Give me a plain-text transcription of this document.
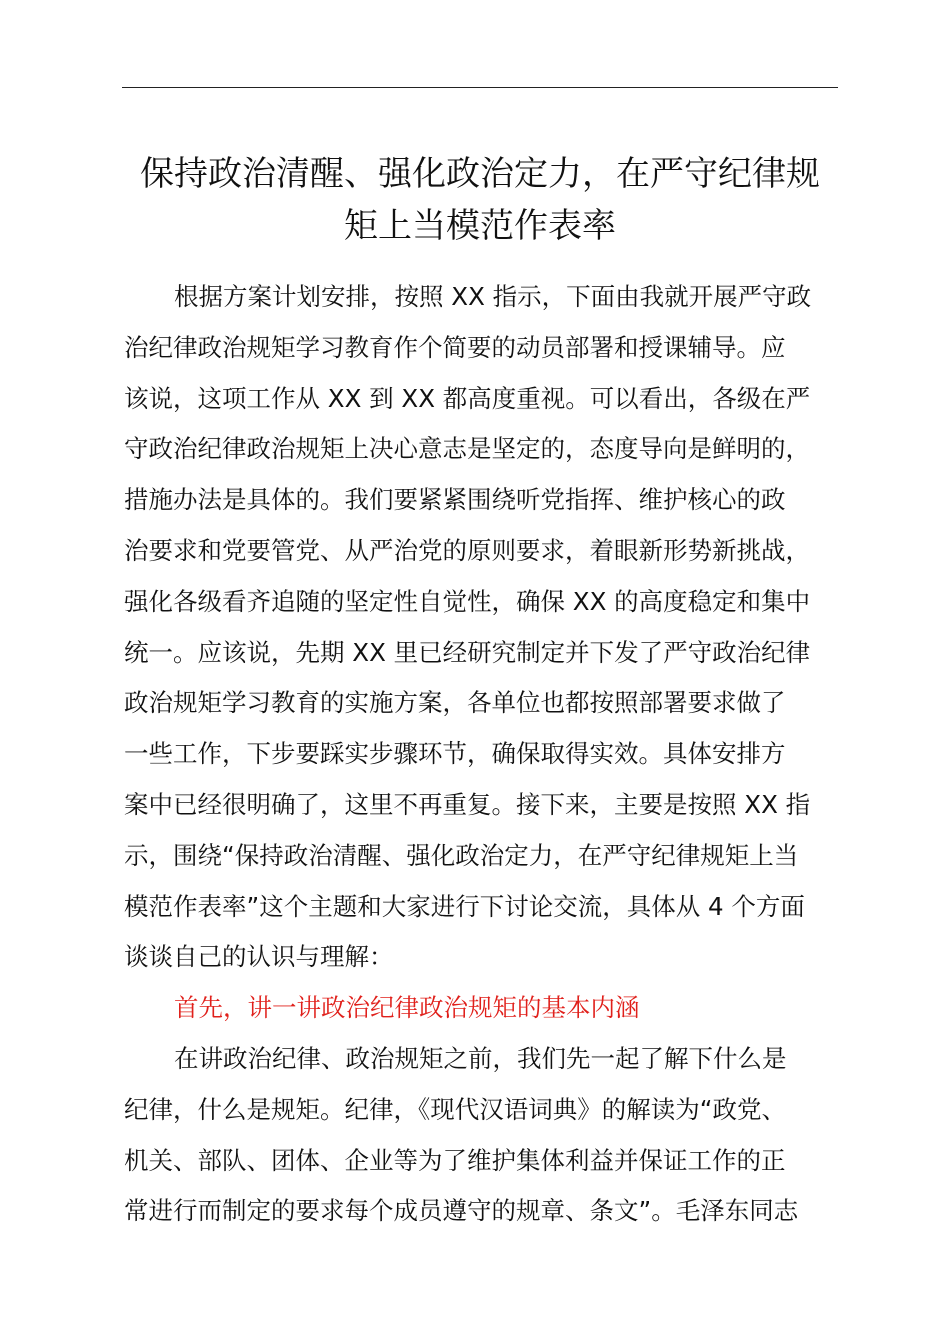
保持政治清醒、强化政治定力，在严守纪律规
矩上当模范作表率
根据方案计划安排，按照 XX 指示，下面由我就开展严守政
治纪律政治规矩学习教育作个简要的动员部署和授课辅导。应
该说，这项工作从 XX 到 XX 都高度重视。可以看出，各级在严
守政治纪律政治规矩上决心意志是坚定的，态度导向是鲜明的，
措施办法是具体的。我们要紧紧围绕听党指挥、维护核心的政
治要求和党要管党、从严治党的原则要求，着眼新形势新挑战，
强化各级看齐追随的坚定性自觉性，确保 XX 的高度稳定和集中
统一。应该说，先期 XX 里已经研究制定并下发了严守政治纪律
政治规矩学习教育的实施方案，各单位也都按照部署要求做了
一些工作，下步要踩实步骤环节，确保取得实效。具体安排方
案中已经很明确了，这里不再重复。接下来，主要是按照 XX 指
示，围绕“保持政治清醒、强化政治定力，在严守纪律规矩上当
模范作表率”这个主题和大家进行下讨论交流，具体从 4 个方面
谈谈自己的认识与理解：
首先，讲一讲政治纪律政治规矩的基本内涵
在讲政治纪律、政治规矩之前，我们先一起了解下什么是
纪律，什么是规矩。纪律，《现代汉语词典》的解读为“政党、
机关、部队、团体、企业等为了维护集体利益并保证工作的正
常进行而制定的要求每个成员遵守的规章、条文”。毛泽东同志
